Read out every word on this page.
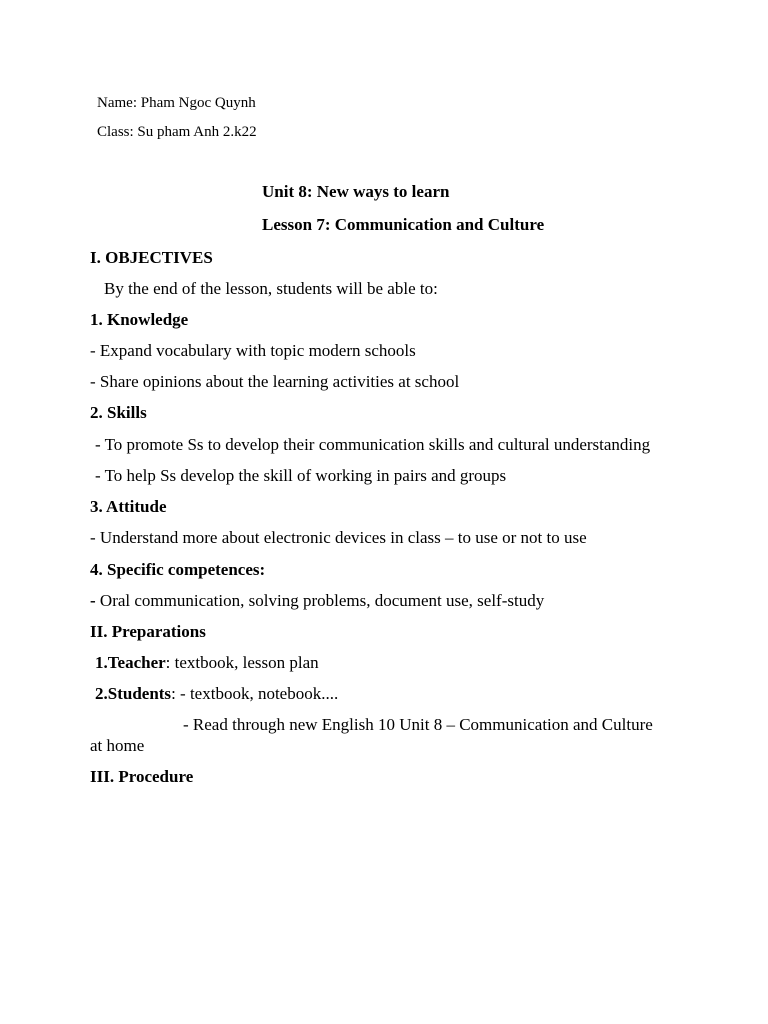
Name: Pham Ngoc Quynh
Class: Su pham Anh 2.k22
Unit 8: New ways to learn
Lesson 7: Communication and Culture
I. OBJECTIVES
By the end of the lesson, students will be able to:
1. Knowledge
- Expand vocabulary with topic modern schools
- Share opinions about the learning activities at school
2. Skills
- To promote Ss to develop their communication skills and cultural understanding
- To help Ss develop the skill of working in pairs and groups
3. Attitude
- Understand more about electronic devices in class – to use or not to use
4. Specific competences:
- Oral communication, solving problems, document use, self-study
II. Preparations
1.Teacher: textbook, lesson plan
2.Students: - textbook, notebook....
- Read through new English 10 Unit 8 – Communication and Culture
at home
III. Procedure
